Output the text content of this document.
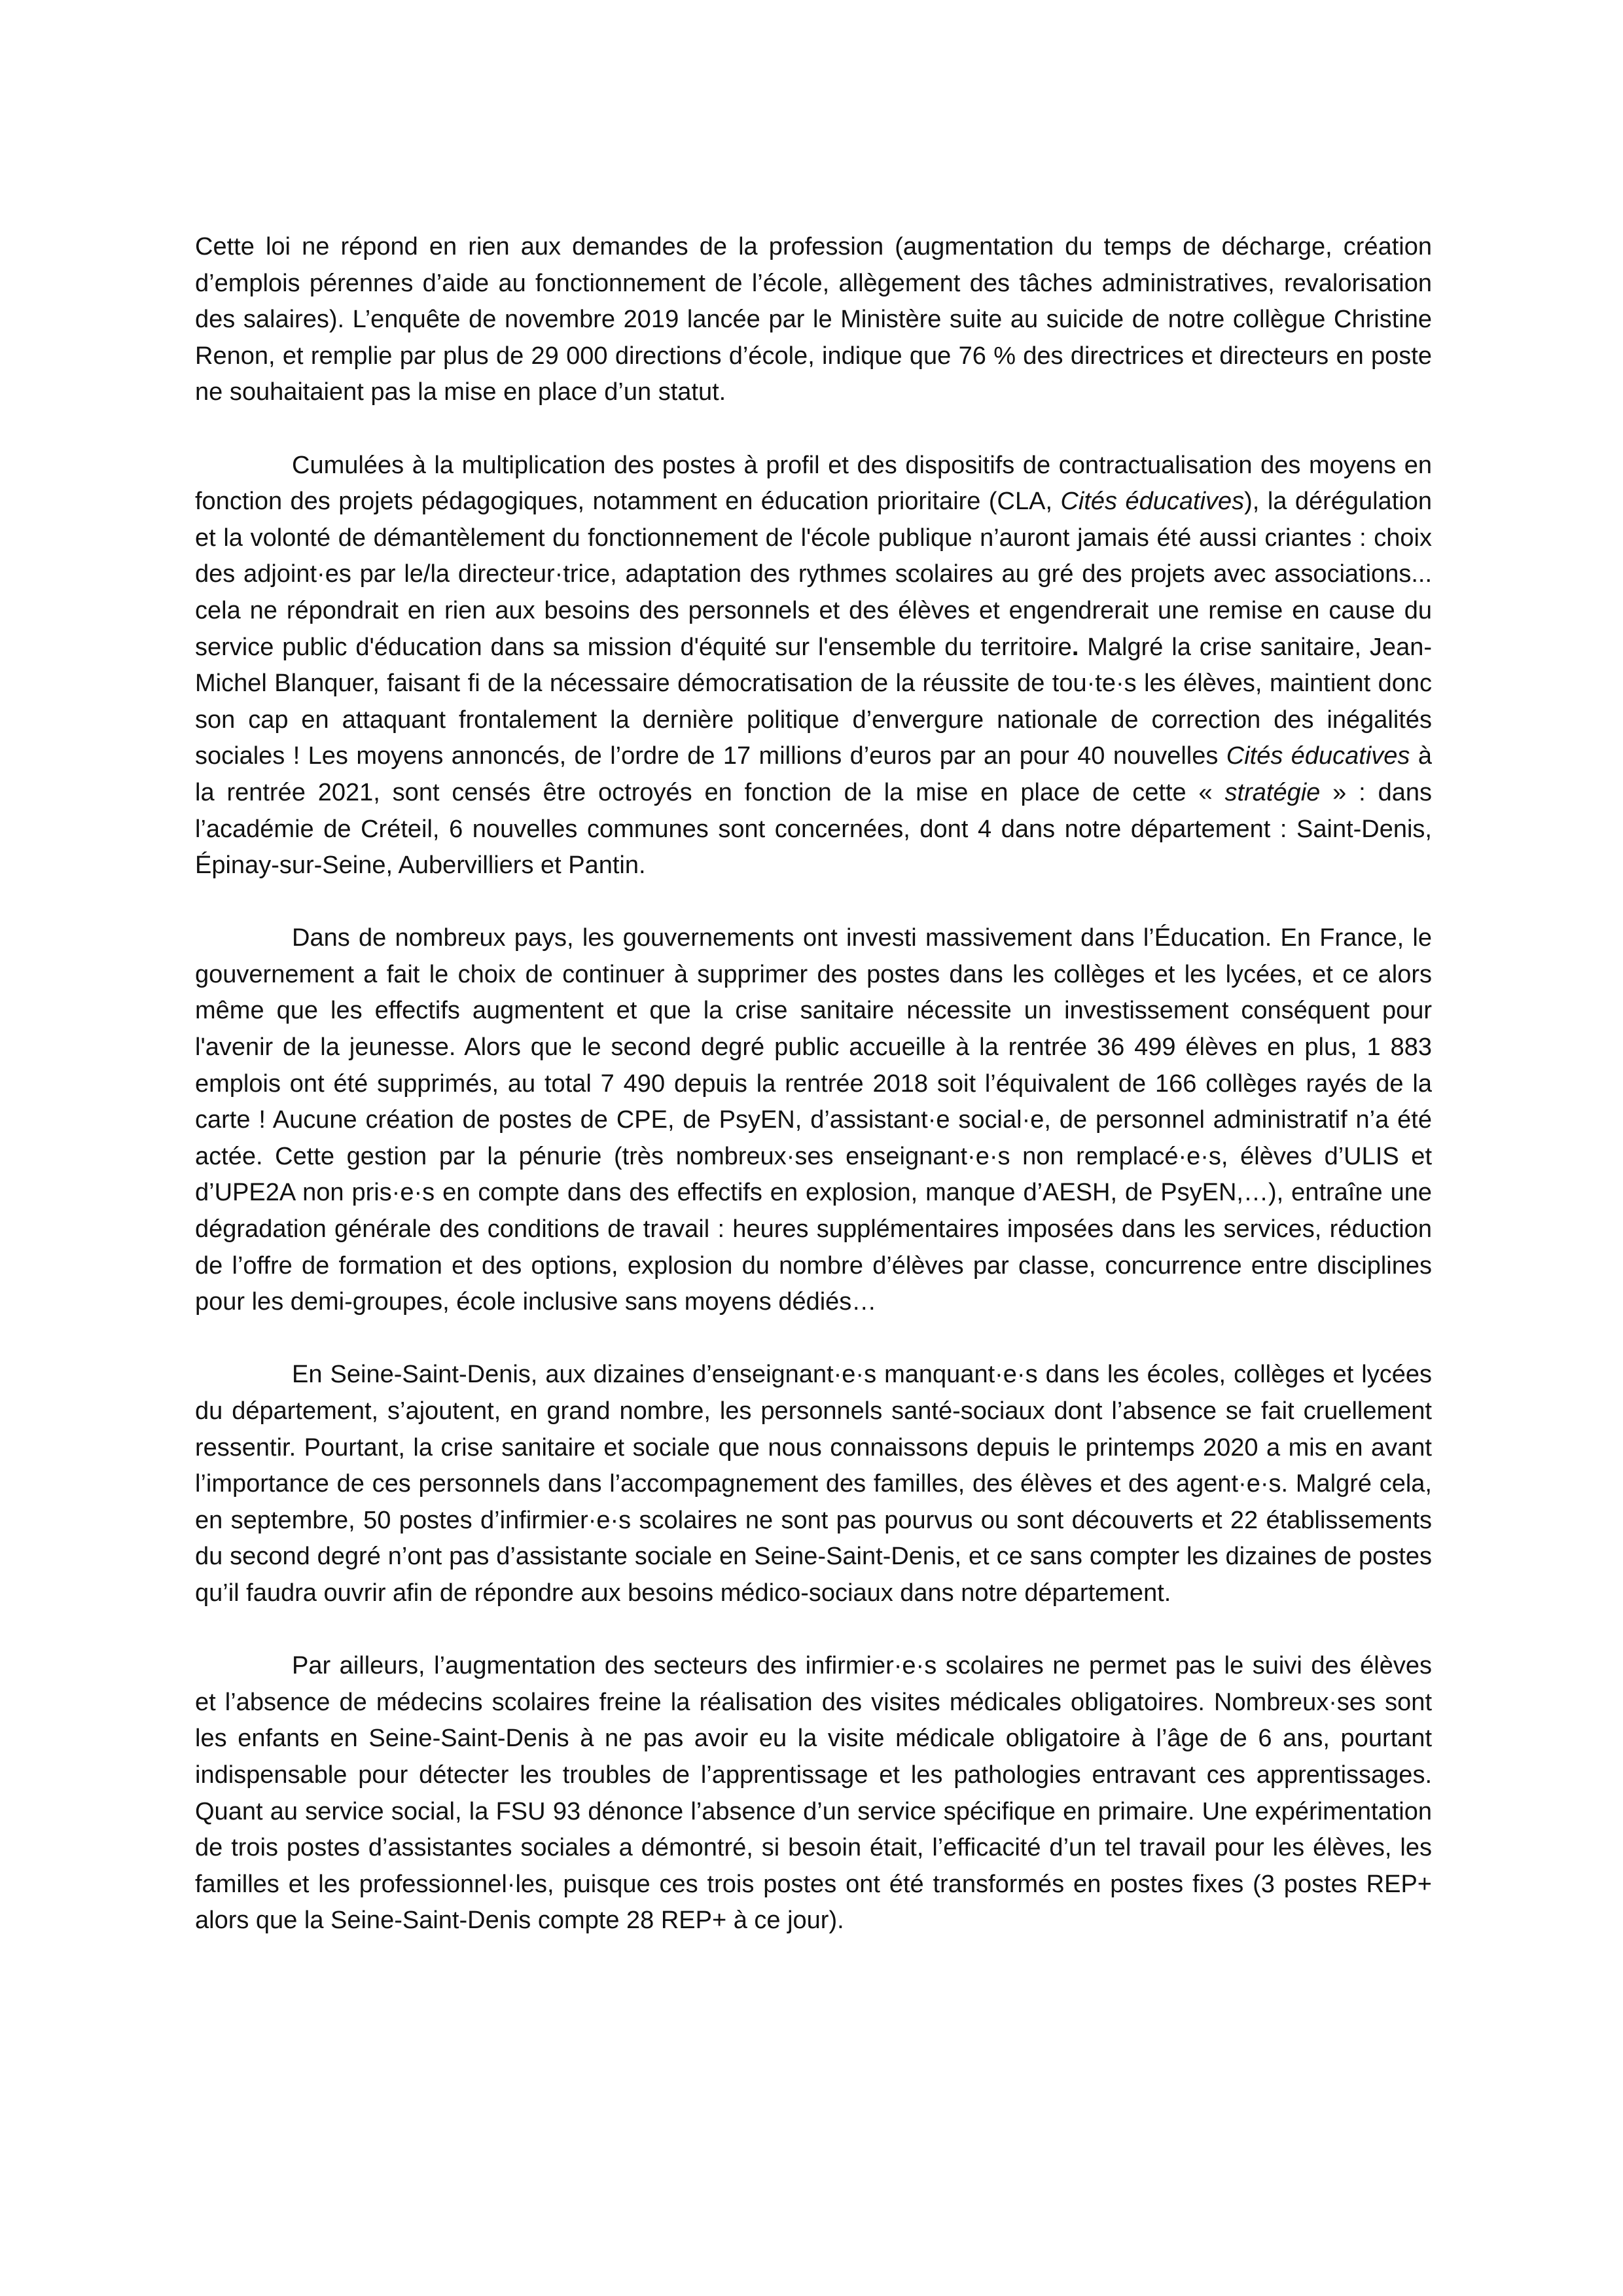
Cette loi ne répond en rien aux demandes de la profession (augmentation du temps de décharge, création d’emplois pérennes d’aide au fonctionnement de l’école, allègement des tâches administratives, revalorisation des salaires). L’enquête de novembre 2019 lancée par le Ministère suite au suicide de notre collègue Christine Renon, et remplie par plus de 29 000 directions d’école, indique que 76 % des directrices et directeurs en poste ne souhaitaient pas la mise en place d’un statut.

Cumulées à la multiplication des postes à profil et des dispositifs de contractualisation des moyens en fonction des projets pédagogiques, notamment en éducation prioritaire (CLA, Cités éducatives), la dérégulation et la volonté de démantèlement du fonctionnement de l'école publique n’auront jamais été aussi criantes : choix des adjoint·es par le/la directeur·trice, adaptation des rythmes scolaires au gré des projets avec associations... cela ne répondrait en rien aux besoins des personnels et des élèves et engendrerait une remise en cause du service public d'éducation dans sa mission d'équité sur l'ensemble du territoire. Malgré la crise sanitaire, Jean-Michel Blanquer, faisant fi de la nécessaire démocratisation de la réussite de tou·te·s les élèves, maintient donc son cap en attaquant frontalement la dernière politique d’envergure nationale de correction des inégalités sociales ! Les moyens annoncés, de l’ordre de 17 millions d’euros par an pour 40 nouvelles Cités éducatives à la rentrée 2021, sont censés être octroyés en fonction de la mise en place de cette « stratégie » : dans l’académie de Créteil, 6 nouvelles communes sont concernées, dont 4 dans notre département : Saint-Denis, Épinay-sur-Seine, Aubervilliers et Pantin.

Dans de nombreux pays, les gouvernements ont investi massivement dans l’Éducation. En France, le gouvernement a fait le choix de continuer à supprimer des postes dans les collèges et les lycées, et ce alors même que les effectifs augmentent et que la crise sanitaire nécessite un investissement conséquent pour l'avenir de la jeunesse. Alors que le second degré public accueille à la rentrée 36 499 élèves en plus, 1 883 emplois ont été supprimés, au total 7 490 depuis la rentrée 2018 soit l’équivalent de 166 collèges rayés de la carte ! Aucune création de postes de CPE, de PsyEN, d’assistant·e social·e, de personnel administratif n’a été actée. Cette gestion par la pénurie (très nombreux·ses enseignant·e·s non remplacé·e·s, élèves d’ULIS et d’UPE2A non pris·e·s en compte dans des effectifs en explosion, manque d’AESH, de PsyEN,…), entraîne une dégradation générale des conditions de travail : heures supplémentaires imposées dans les services, réduction de l’offre de formation et des options, explosion du nombre d’élèves par classe, concurrence entre disciplines pour les demi-groupes, école inclusive sans moyens dédiés…

En Seine-Saint-Denis, aux dizaines d’enseignant·e·s manquant·e·s dans les écoles, collèges et lycées du département, s’ajoutent, en grand nombre, les personnels santé-sociaux dont l’absence se fait cruellement ressentir. Pourtant, la crise sanitaire et sociale que nous connaissons depuis le printemps 2020 a mis en avant l’importance de ces personnels dans l’accompagnement des familles, des élèves et des agent·e·s. Malgré cela, en septembre, 50 postes d’infirmier·e·s scolaires ne sont pas pourvus ou sont découverts et 22 établissements du second degré n’ont pas d’assistante sociale en Seine-Saint-Denis, et ce sans compter les dizaines de postes qu’il faudra ouvrir afin de répondre aux besoins médico-sociaux dans notre département.

Par ailleurs, l’augmentation des secteurs des infirmier·e·s scolaires ne permet pas le suivi des élèves et l’absence de médecins scolaires freine la réalisation des visites médicales obligatoires. Nombreux·ses sont les enfants en Seine-Saint-Denis à ne pas avoir eu la visite médicale obligatoire à l’âge de 6 ans, pourtant indispensable pour détecter les troubles de l’apprentissage et les pathologies entravant ces apprentissages. Quant au service social, la FSU 93 dénonce l’absence d’un service spécifique en primaire. Une expérimentation de trois postes d’assistantes sociales a démontré, si besoin était, l’efficacité d’un tel travail pour les élèves, les familles et les professionnel·les, puisque ces trois postes ont été transformés en postes fixes (3 postes REP+ alors que la Seine-Saint-Denis compte 28 REP+ à ce jour).
